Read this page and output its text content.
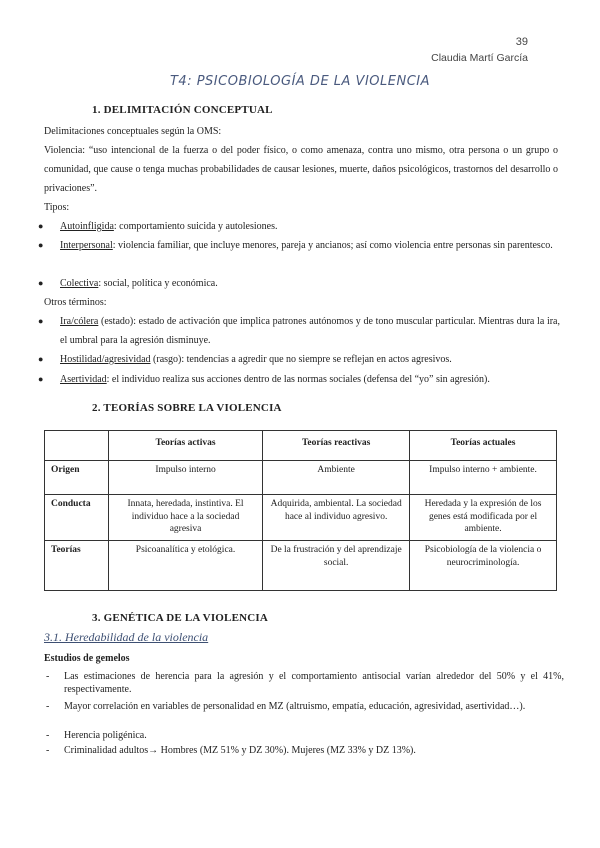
39
Claudia Martí García
T4: PSICOBIOLOGÍA DE LA VIOLENCIA
1. DELIMITACIÓN CONCEPTUAL
Delimitaciones conceptuales según la OMS:
Violencia: “uso intencional de la fuerza o del poder físico, o como amenaza, contra uno mismo, otra persona o un grupo o comunidad, que cause o tenga muchas probabilidades de causar lesiones, muerte, daños psicológicos, trastornos del desarrollo o privaciones”.
Tipos:
● Autoinfligida: comportamiento suicida y autolesiones.
● Interpersonal: violencia familiar, que incluye menores, pareja y ancianos; así como violencia entre personas sin parentesco.
● Colectiva: social, política y económica.
Otros términos:
● Ira/cólera (estado): estado de activación que implica patrones autónomos y de tono muscular particular. Mientras dura la ira, el umbral para la agresión disminuye.
● Hostilidad/agresividad (rasgo): tendencias a agredir que no siempre se reflejan en actos agresivos.
● Asertividad: el individuo realiza sus acciones dentro de las normas sociales (defensa del “yo” sin agresión).
2. TEORÍAS SOBRE LA VIOLENCIA
	Teorías activas	Teorías reactivas	Teorías actuales
Origen	Impulso interno	Ambiente	Impulso interno + ambiente.
Conducta	Innata, heredada, instintiva. El individuo hace a la sociedad agresiva	Adquirida, ambiental. La sociedad hace al individuo agresivo.	Heredada y la expresión de los genes está modificada por el ambiente.
Teorías	Psicoanalítica y etológica.	De la frustración y del aprendizaje social.	Psicobiología de la violencia o neurocriminología.
3. GENÉTICA DE LA VIOLENCIA
3.1. Heredabilidad de la violencia
Estudios de gemelos
- Las estimaciones de herencia para la agresión y el comportamiento antisocial varían alrededor del 50% y el 41%, respectivamente.
- Mayor correlación en variables de personalidad en MZ (altruismo, empatía, educación, agresividad, asertividad…).
- Herencia poligénica.
- Criminalidad adultos→ Hombres (MZ 51% y DZ 30%). Mujeres (MZ 33% y DZ 13%).
